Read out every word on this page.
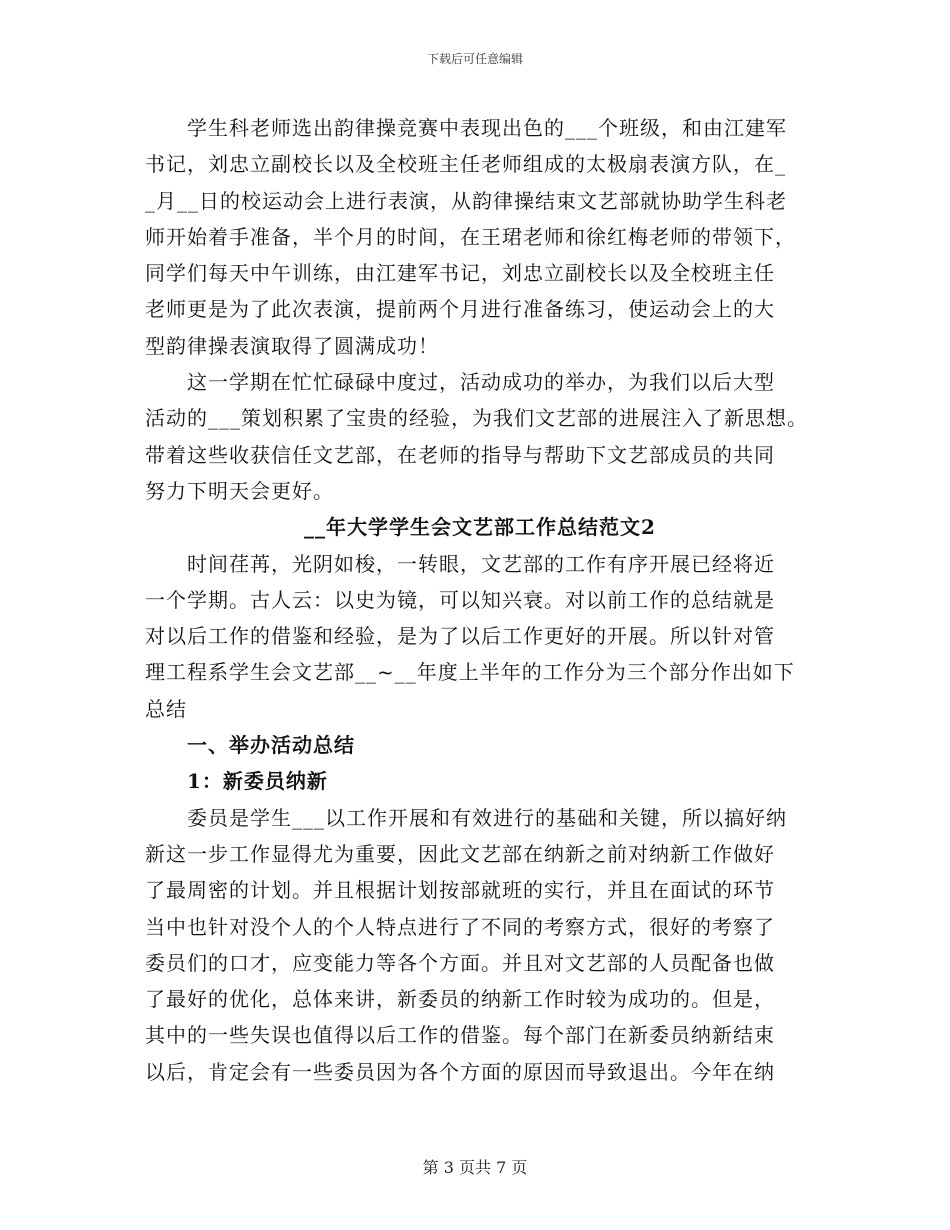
下载后可任意编辑
学生科老师选出韵律操竞赛中表现出色的___个班级，和由江建军
书记，刘忠立副校长以及全校班主任老师组成的太极扇表演方队，在_
_月__日的校运动会上进行表演，从韵律操结束文艺部就协助学生科老
师开始着手准备，半个月的时间，在王珺老师和徐红梅老师的带领下，
同学们每天中午训练，由江建军书记，刘忠立副校长以及全校班主任
老师更是为了此次表演，提前两个月进行准备练习，使运动会上的大
型韵律操表演取得了圆满成功！
这一学期在忙忙碌碌中度过，活动成功的举办，为我们以后大型
活动的___策划积累了宝贵的经验，为我们文艺部的进展注入了新思想。
带着这些收获信任文艺部，在老师的指导与帮助下文艺部成员的共同
努力下明天会更好。
__年大学学生会文艺部工作总结范文2
时间荏苒，光阴如梭，一转眼，文艺部的工作有序开展已经将近
一个学期。古人云：以史为镜，可以知兴衰。对以前工作的总结就是
对以后工作的借鉴和经验，是为了以后工作更好的开展。所以针对管
理工程系学生会文艺部__~__年度上半年的工作分为三个部分作出如下
总结
一、举办活动总结
1：新委员纳新
委员是学生___以工作开展和有效进行的基础和关键，所以搞好纳
新这一步工作显得尤为重要，因此文艺部在纳新之前对纳新工作做好
了最周密的计划。并且根据计划按部就班的实行，并且在面试的环节
当中也针对没个人的个人特点进行了不同的考察方式，很好的考察了
委员们的口才，应变能力等各个方面。并且对文艺部的人员配备也做
了最好的优化，总体来讲，新委员的纳新工作时较为成功的。但是，
其中的一些失误也值得以后工作的借鉴。每个部门在新委员纳新结束
以后，肯定会有一些委员因为各个方面的原因而导致退出。今年在纳
第 3 页共 7 页
